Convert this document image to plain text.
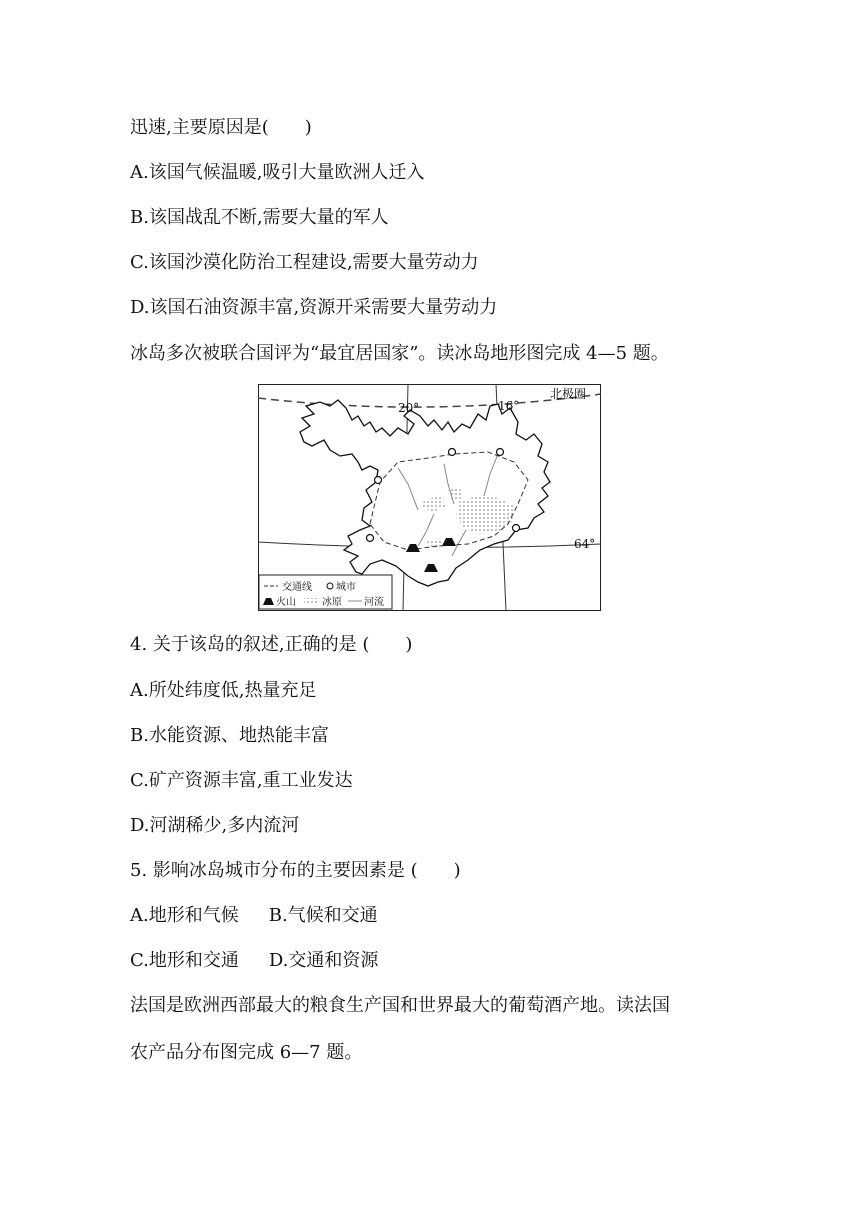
迅速,主要原因是(　　)
A.该国气候温暖,吸引大量欧洲人迁入
B.该国战乱不断,需要大量的军人
C.该国沙漠化防治工程建设,需要大量劳动力
D.该国石油资源丰富,资源开采需要大量劳动力
冰岛多次被联合国评为“最宜居国家”。读冰岛地形图完成 4—5 题。
北极圈
20°	16°
64°
交通线 城市
火山	冰原 河流
4. 关于该岛的叙述,正确的是 (　　)
A.所处纬度低,热量充足
B.水能资源、地热能丰富
C.矿产资源丰富,重工业发达
D.河湖稀少,多内流河
5. 影响冰岛城市分布的主要因素是 (　　)
A.地形和气候 B.气候和交通
C.地形和交通 D.交通和资源
法国是欧洲西部最大的粮食生产国和世界最大的葡萄酒产地。读法国
农产品分布图完成 6—7 题。
